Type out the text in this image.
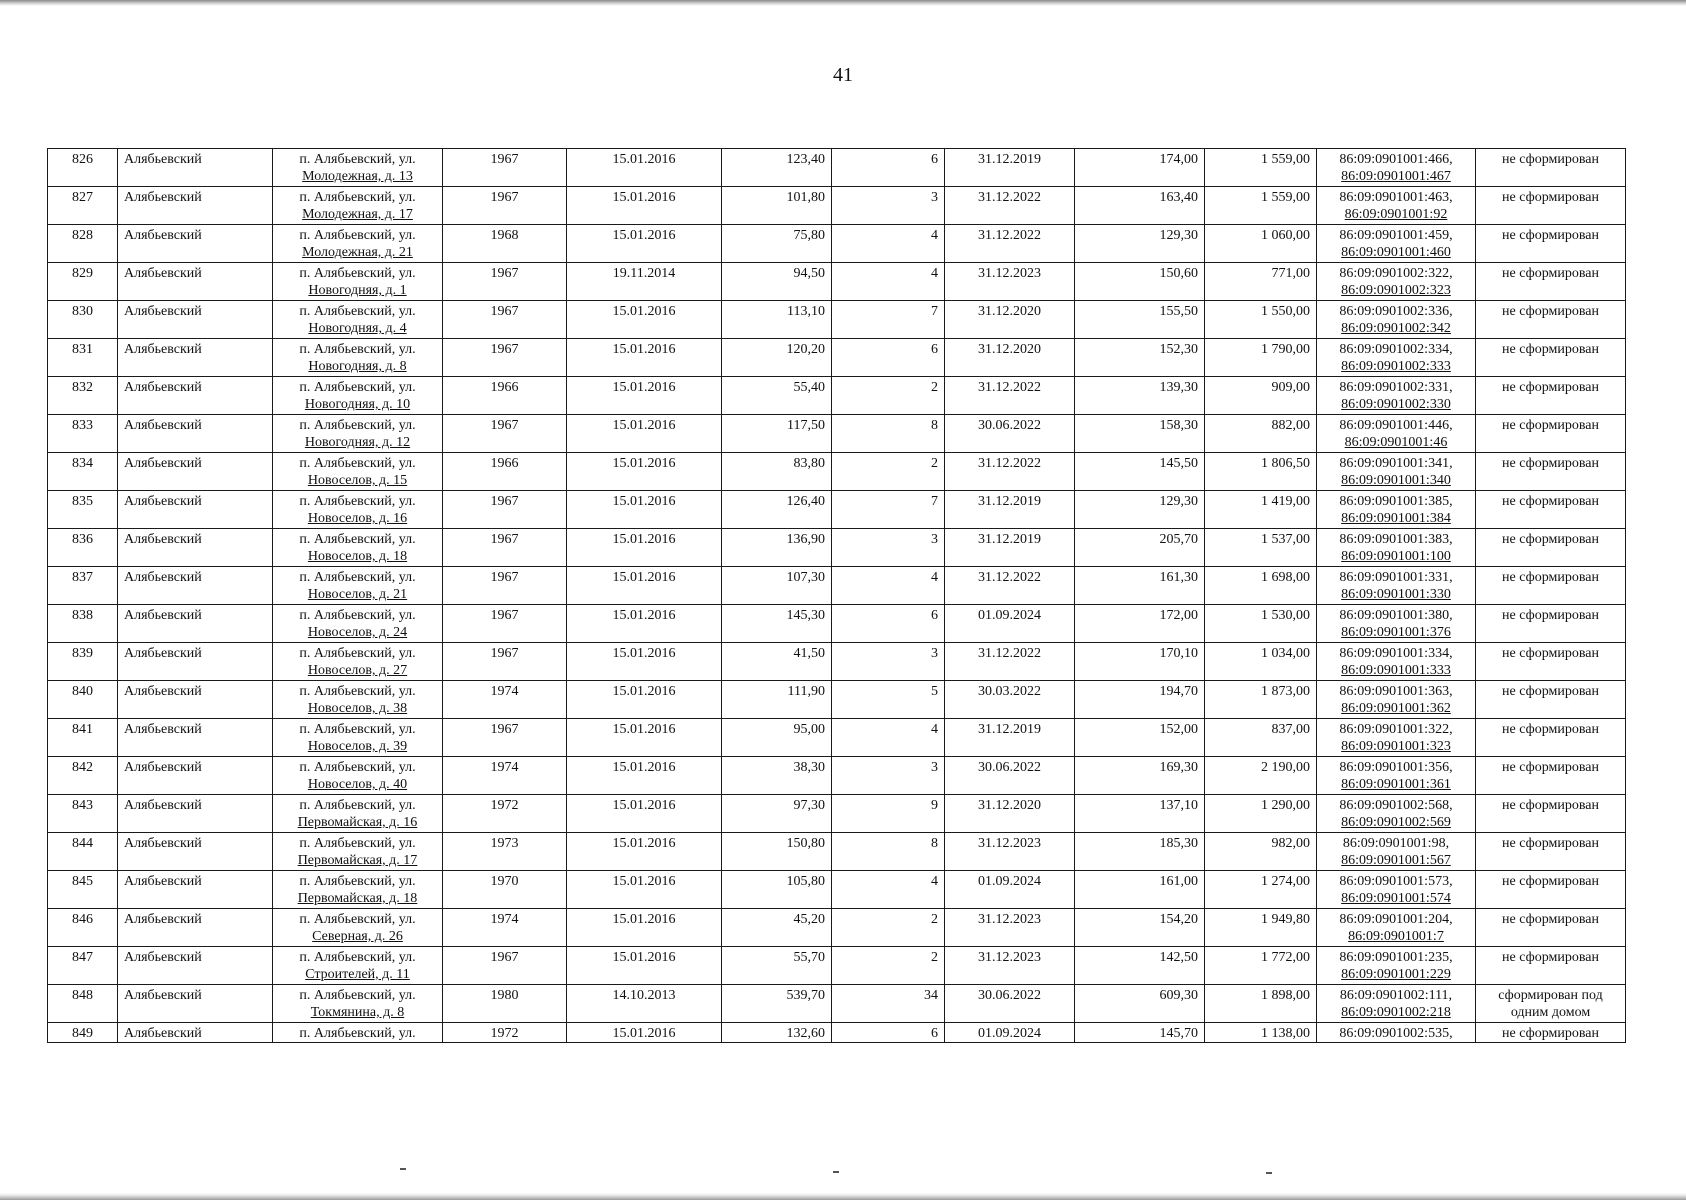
41
826	Алябьевский	п. Алябьевский, ул.
Молодежная, д. 13	1967	15.01.2016	123,40	6	31.12.2019	174,00	1 559,00	86:09:0901001:466,
86:09:0901001:467	не сформирован
827	Алябьевский	п. Алябьевский, ул.
Молодежная, д. 17	1967	15.01.2016	101,80	3	31.12.2022	163,40	1 559,00	86:09:0901001:463,
86:09:0901001:92	не сформирован
828	Алябьевский	п. Алябьевский, ул.
Молодежная, д. 21	1968	15.01.2016	75,80	4	31.12.2022	129,30	1 060,00	86:09:0901001:459,
86:09:0901001:460	не сформирован
829	Алябьевский	п. Алябьевский, ул.
Новогодняя, д. 1	1967	19.11.2014	94,50	4	31.12.2023	150,60	771,00	86:09:0901002:322,
86:09:0901002:323	не сформирован
830	Алябьевский	п. Алябьевский, ул.
Новогодняя, д. 4	1967	15.01.2016	113,10	7	31.12.2020	155,50	1 550,00	86:09:0901002:336,
86:09:0901002:342	не сформирован
831	Алябьевский	п. Алябьевский, ул.
Новогодняя, д. 8	1967	15.01.2016	120,20	6	31.12.2020	152,30	1 790,00	86:09:0901002:334,
86:09:0901002:333	не сформирован
832	Алябьевский	п. Алябьевский, ул.
Новогодняя, д. 10	1966	15.01.2016	55,40	2	31.12.2022	139,30	909,00	86:09:0901002:331,
86:09:0901002:330	не сформирован
833	Алябьевский	п. Алябьевский, ул.
Новогодняя, д. 12	1967	15.01.2016	117,50	8	30.06.2022	158,30	882,00	86:09:0901001:446,
86:09:0901001:46	не сформирован
834	Алябьевский	п. Алябьевский, ул.
Новоселов, д. 15	1966	15.01.2016	83,80	2	31.12.2022	145,50	1 806,50	86:09:0901001:341,
86:09:0901001:340	не сформирован
835	Алябьевский	п. Алябьевский, ул.
Новоселов, д. 16	1967	15.01.2016	126,40	7	31.12.2019	129,30	1 419,00	86:09:0901001:385,
86:09:0901001:384	не сформирован
836	Алябьевский	п. Алябьевский, ул.
Новоселов, д. 18	1967	15.01.2016	136,90	3	31.12.2019	205,70	1 537,00	86:09:0901001:383,
86:09:0901001:100	не сформирован
837	Алябьевский	п. Алябьевский, ул.
Новоселов, д. 21	1967	15.01.2016	107,30	4	31.12.2022	161,30	1 698,00	86:09:0901001:331,
86:09:0901001:330	не сформирован
838	Алябьевский	п. Алябьевский, ул.
Новоселов, д. 24	1967	15.01.2016	145,30	6	01.09.2024	172,00	1 530,00	86:09:0901001:380,
86:09:0901001:376	не сформирован
839	Алябьевский	п. Алябьевский, ул.
Новоселов, д. 27	1967	15.01.2016	41,50	3	31.12.2022	170,10	1 034,00	86:09:0901001:334,
86:09:0901001:333	не сформирован
840	Алябьевский	п. Алябьевский, ул.
Новоселов, д. 38	1974	15.01.2016	111,90	5	30.03.2022	194,70	1 873,00	86:09:0901001:363,
86:09:0901001:362	не сформирован
841	Алябьевский	п. Алябьевский, ул.
Новоселов, д. 39	1967	15.01.2016	95,00	4	31.12.2019	152,00	837,00	86:09:0901001:322,
86:09:0901001:323	не сформирован
842	Алябьевский	п. Алябьевский, ул.
Новоселов, д. 40	1974	15.01.2016	38,30	3	30.06.2022	169,30	2 190,00	86:09:0901001:356,
86:09:0901001:361	не сформирован
843	Алябьевский	п. Алябьевский, ул.
Первомайская, д. 16	1972	15.01.2016	97,30	9	31.12.2020	137,10	1 290,00	86:09:0901002:568,
86:09:0901002:569	не сформирован
844	Алябьевский	п. Алябьевский, ул.
Первомайская, д. 17	1973	15.01.2016	150,80	8	31.12.2023	185,30	982,00	86:09:0901001:98,
86:09:0901001:567	не сформирован
845	Алябьевский	п. Алябьевский, ул.
Первомайская, д. 18	1970	15.01.2016	105,80	4	01.09.2024	161,00	1 274,00	86:09:0901001:573,
86:09:0901001:574	не сформирован
846	Алябьевский	п. Алябьевский, ул.
Северная, д. 26	1974	15.01.2016	45,20	2	31.12.2023	154,20	1 949,80	86:09:0901001:204,
86:09:0901001:7	не сформирован
847	Алябьевский	п. Алябьевский, ул.
Строителей, д. 11	1967	15.01.2016	55,70	2	31.12.2023	142,50	1 772,00	86:09:0901001:235,
86:09:0901001:229	не сформирован
848	Алябьевский	п. Алябьевский, ул.
Токмянина, д. 8	1980	14.10.2013	539,70	34	30.06.2022	609,30	1 898,00	86:09:0901002:111,
86:09:0901002:218	сформирован под одним домом
849	Алябьевский	п. Алябьевский, ул.	1972	15.01.2016	132,60	6	01.09.2024	145,70	1 138,00	86:09:0901002:535,	не сформирован
